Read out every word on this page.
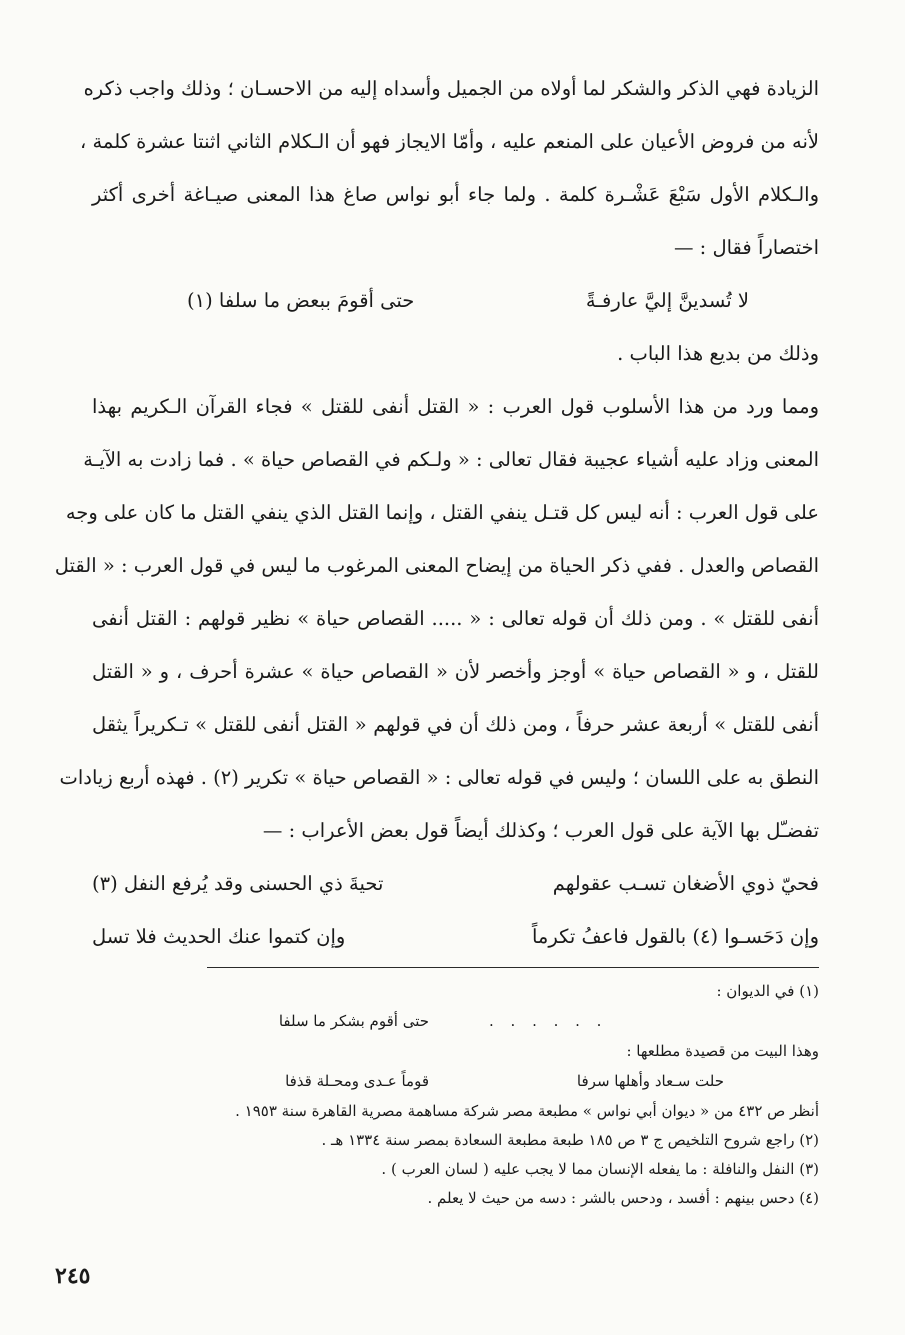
الزيادة فهي الذكر والشكر لما أولاه من الجميل وأسداه إليه من الاحسـان ؛ وذلك واجب ذكره
لأنه من فروض الأعيان على المنعم عليه ، وأمّا الايجاز فهو أن الـكلام الثاني اثنتا عشرة كلمة ،
والـكلام الأول سَبْعَ عَشْـرة كلمة . ولما جاء أبو نواس صاغ هذا المعنى صيـاغة أخرى أكثر
اختصاراً فقال : —
لا تُسدينَّ إليَّ عارفـةً
حتى أقومَ ببعض ما سلفا (١)
وذلك من بديع هذا الباب .
ومما ورد من هذا الأسلوب قول العرب : « القتل أنفى للقتل » فجاء القرآن الـكريم بهذا
المعنى وزاد عليه أشياء عجيبة فقال تعالى : « ولـكم في القصاص حياة » . فما زادت به الآيـة
على قول العرب : أنه ليس كل قتـل ينفي القتل ، وإنما القتل الذي ينفي القتل ما كان على وجه
القصاص والعدل . ففي ذكر الحياة من إيضاح المعنى المرغوب ما ليس في قول العرب : « القتل
أنفى للقتل » . ومن ذلك أن قوله تعالى : « ..... القصاص حياة » نظير قولهم : القتل أنفى
للقتل ، و « القصاص حياة » أوجز وأخصر لأن « القصاص حياة » عشرة أحرف ، و « القتل
أنفى للقتل » أربعة عشر حرفاً ، ومن ذلك أن في قولهم « القتل أنفى للقتل » تـكريراً يثقل
النطق به على اللسان ؛ وليس في قوله تعالى : « القصاص حياة » تكرير (٢) . فهذه أربع زيادات
تفضـّل بها الآية على قول العرب ؛ وكذلك أيضاً قول بعض الأعراب : —
فحيّ ذوي الأضغان تسـب عقولهم
تحيةَ ذي الحسنى وقد يُرفع النفل (٣)
وإن دَحَسـوا (٤) بالقول فاعفُ تكرماً
وإن كتموا عنك الحديث فلا تسل
(١) في الديوان :
. . . . . .
حتى أقوم بشكر ما سلفا
وهذا البيت من قصيدة مطلعها :
حلت سـعاد وأهلها سرفا
قوماً عـدى ومحـلة قذفا
أنظر ص ٤٣٢ من « ديوان أبي نواس » مطبعة مصر شركة مساهمة مصرية القاهرة سنة ١٩٥٣ .
(٢) راجع شروح التلخيص ج ٣ ص ١٨٥ طبعة مطبعة السعادة بمصر سنة ١٣٣٤ هـ .
(٣) النفل والنافلة : ما يفعله الإنسان مما لا يجب عليه ( لسان العرب ) .
(٤) دحس بينهم : أفسد ، ودحس بالشر : دسه من حيث لا يعلم .
٢٤٥
